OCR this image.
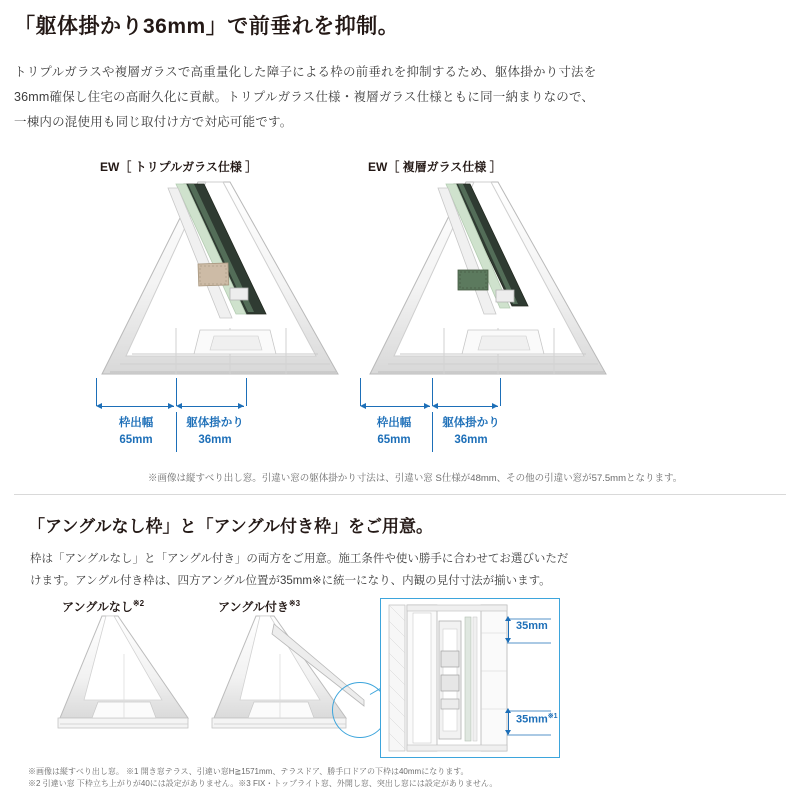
「躯体掛かり36mm」で前垂れを抑制。
トリプルガラスや複層ガラスで高重量化した障子による枠の前垂れを抑制するため、躯体掛かり寸法を
36mm確保し住宅の高耐久化に貢献。トリプルガラス仕様・複層ガラス仕様ともに同一納まりなので、
一棟内の混使用も同じ取付け方で対応可能です。
EW［ トリプルガラス仕様 ］	EW［ 複層ガラス仕様 ］
枠出幅
65mm
躯体掛かり
36mm
枠出幅
65mm
躯体掛かり
36mm
※画像は縦すべり出し窓。引違い窓の躯体掛かり寸法は、引違い窓 S仕様が48mm、その他の引違い窓が57.5mmとなります。
「アングルなし枠」と「アングル付き枠」をご用意。
枠は「アングルなし」と「アングル付き」の両方をご用意。施工条件や使い勝手に合わせてお選びいただ
けます。アングル付き枠は、四方アングル位置が35mm※に統一になり、内観の見付寸法が揃います。
アングルなし$^{※2}$	アングル付き$^{※3}$
35mm
$35mm^{※1}$
※画像は縦すべり出し窓。 ※1 開き窓テラス、引違い窓H≧1571mm、テラスドア、勝手口ドアの下枠は40mmになります。
※2 引違い窓 下枠立ち上がりが40には設定がありません。※3 FIX・トップライト窓、外開し窓、突出し窓には設定がありません。
